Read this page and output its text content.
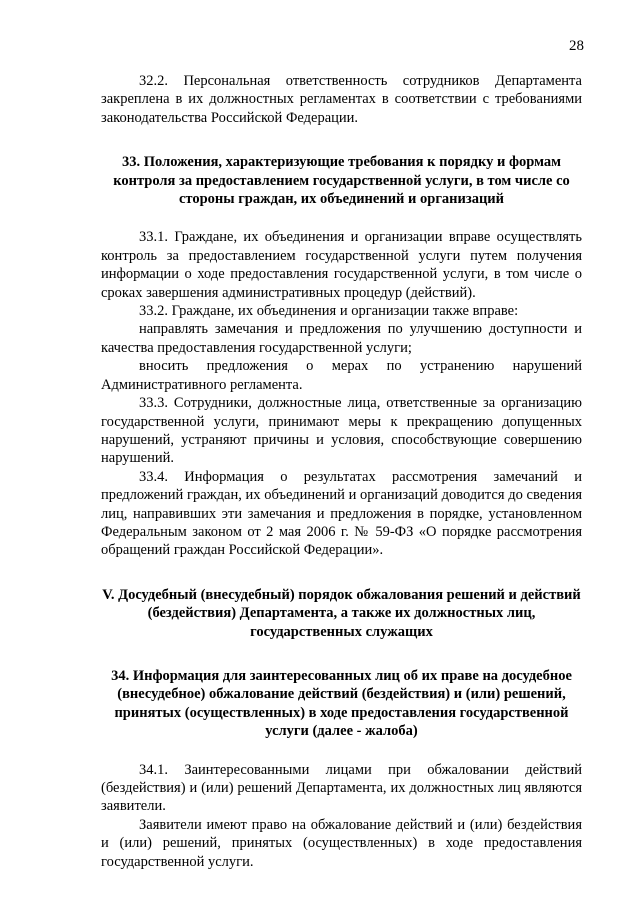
28

32.2. Персональная ответственность сотрудников Департамента закреплена в их должностных регламентах в соответствии с требованиями законодательства Российской Федерации.

33. Положения, характеризующие требования к порядку и формам контроля за предоставлением государственной услуги, в том числе со стороны граждан, их объединений и организаций

33.1. Граждане, их объединения и организации вправе осуществлять контроль за предоставлением государственной услуги путем получения информации о ходе предоставления государственной услуги, в том числе о сроках завершения административных процедур (действий).

33.2. Граждане, их объединения и организации также вправе:

направлять замечания и предложения по улучшению доступности и качества предоставления государственной услуги;

вносить предложения о мерах по устранению нарушений Административного регламента.

33.3. Сотрудники, должностные лица, ответственные за организацию государственной услуги, принимают меры к прекращению допущенных нарушений, устраняют причины и условия, способствующие совершению нарушений.

33.4. Информация о результатах рассмотрения замечаний и предложений граждан, их объединений и организаций доводится до сведения лиц, направивших эти замечания и предложения в порядке, установленном Федеральным законом от 2 мая 2006 г. № 59-ФЗ «О порядке рассмотрения обращений граждан Российской Федерации».

V. Досудебный (внесудебный) порядок обжалования решений и действий (бездействия) Департамента, а также их должностных лиц, государственных служащих
34. Информация для заинтересованных лиц об их праве на досудебное (внесудебное) обжалование действий (бездействия) и (или) решений, принятых (осуществленных) в ходе предоставления государственной услуги (далее - жалоба)

34.1. Заинтересованными лицами при обжаловании действий (бездействия) и (или) решений Департамента, их должностных лиц являются заявители.

Заявители имеют право на обжалование действий и (или) бездействия и (или) решений, принятых (осуществленных) в ходе предоставления государственной услуги.
